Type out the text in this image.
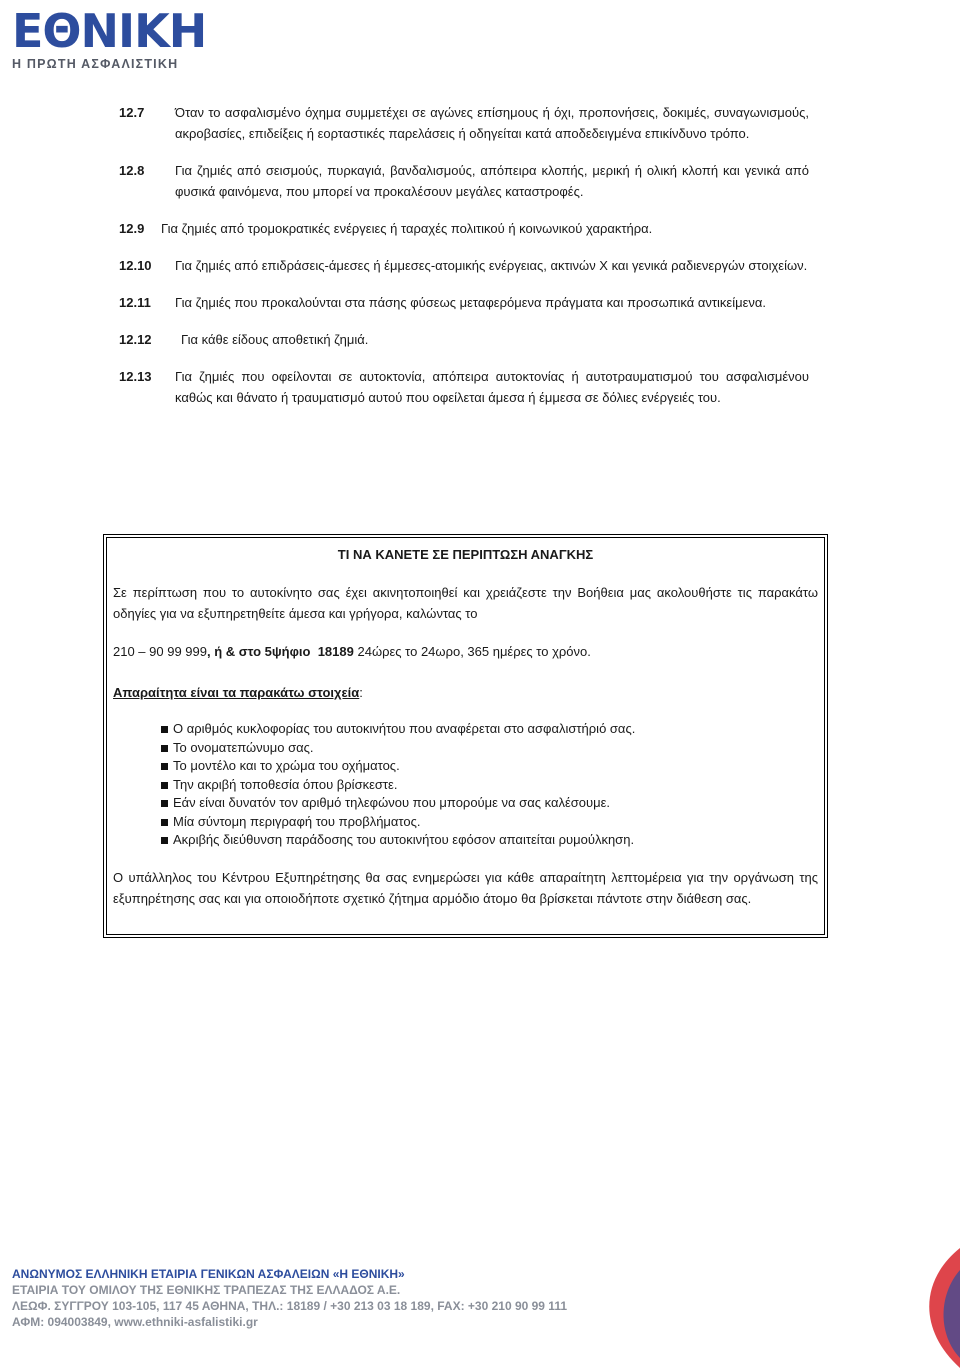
ΕΘΝΙΚΗ
Η ΠΡΩΤΗ ΑΣΦΑΛΙΣΤΙΚΗ
12.7 Όταν το ασφαλισμένο όχημα συμμετέχει σε αγώνες επίσημους ή όχι, προπονήσεις, δοκιμές, συναγωνισμούς, ακροβασίες, επιδείξεις ή εορταστικές παρελάσεις ή οδηγείται κατά αποδεδειγμένα επικίνδυνο τρόπο.
12.8 Για ζημιές από σεισμούς, πυρκαγιά, βανδαλισμούς, απόπειρα κλοπής, μερική ή ολική κλοπή και γενικά από φυσικά φαινόμενα, που μπορεί να προκαλέσουν μεγάλες καταστροφές.
12.9 Για ζημιές από τρομοκρατικές ενέργειες ή ταραχές πολιτικού ή κοινωνικού χαρακτήρα.
12.10 Για ζημιές από επιδράσεις-άμεσες ή έμμεσες-ατομικής ενέργειας, ακτινών Χ και γενικά ραδιενεργών στοιχείων.
12.11 Για ζημιές που προκαλούνται στα πάσης φύσεως μεταφερόμενα πράγματα και προσωπικά αντικείμενα.
12.12 Για κάθε είδους αποθετική ζημιά.
12.13 Για ζημιές που οφείλονται σε αυτοκτονία, απόπειρα αυτοκτονίας ή αυτοτραυματισμού του ασφαλισμένου καθώς και θάνατο ή τραυματισμό αυτού που οφείλεται άμεσα ή έμμεσα σε δόλιες ενέργειές του.
ΤΙ ΝΑ ΚΑΝΕΤΕ ΣΕ ΠΕΡΙΠΤΩΣΗ ΑΝΑΓΚΗΣ

Σε περίπτωση που το αυτοκίνητο σας έχει ακινητοποιηθεί και χρειάζεστε την Βοήθεια μας ακολουθήστε τις παρακάτω οδηγίες για να εξυπηρετηθείτε άμεσα και γρήγορα, καλώντας το

210 – 90 99 999, ή & στο 5ψήφιο 18189 24ώρες το 24ωρο, 365 ημέρες το χρόνο.

Απαραίτητα είναι τα παρακάτω στοιχεία:

Ο αριθμός κυκλοφορίας του αυτοκινήτου που αναφέρεται στο ασφαλιστήριό σας.
Το ονοματεπώνυμο σας.
Το μοντέλο και το χρώμα του οχήματος.
Την ακριβή τοποθεσία όπου βρίσκεστε.
Εάν είναι δυνατόν τον αριθμό τηλεφώνου που μπορούμε να σας καλέσουμε.
Μία σύντομη περιγραφή του προβλήματος.
Ακριβής διεύθυνση παράδοσης του αυτοκινήτου εφόσον απαιτείται ρυμούλκηση.

Ο υπάλληλος του Κέντρου Εξυπηρέτησης θα σας ενημερώσει για κάθε απαραίτητη λεπτομέρεια για την οργάνωση της εξυπηρέτησης σας και για οποιοδήποτε σχετικό ζήτημα αρμόδιο άτομο θα βρίσκεται πάντοτε στην διάθεση σας.

ΑΝΩΝΥΜΟΣ ΕΛΛΗΝΙΚΗ ΕΤΑΙΡΙΑ ΓΕΝΙΚΩΝ ΑΣΦΑΛΕΙΩΝ «Η ΕΘΝΙΚΗ»
ΕΤΑΙΡΙΑ ΤΟΥ ΟΜΙΛΟΥ ΤΗΣ ΕΘΝΙΚΗΣ ΤΡΑΠΕΖΑΣ ΤΗΣ ΕΛΛΑΔΟΣ Α.Ε.
ΛΕΩΦ. ΣΥΓΓΡΟΥ 103-105, 117 45 ΑΘΗΝΑ, ΤΗΛ.: 18189 / +30 213 03 18 189, FAX: +30 210 90 99 111
ΑΦΜ: 094003849, www.ethniki-asfalistiki.gr
